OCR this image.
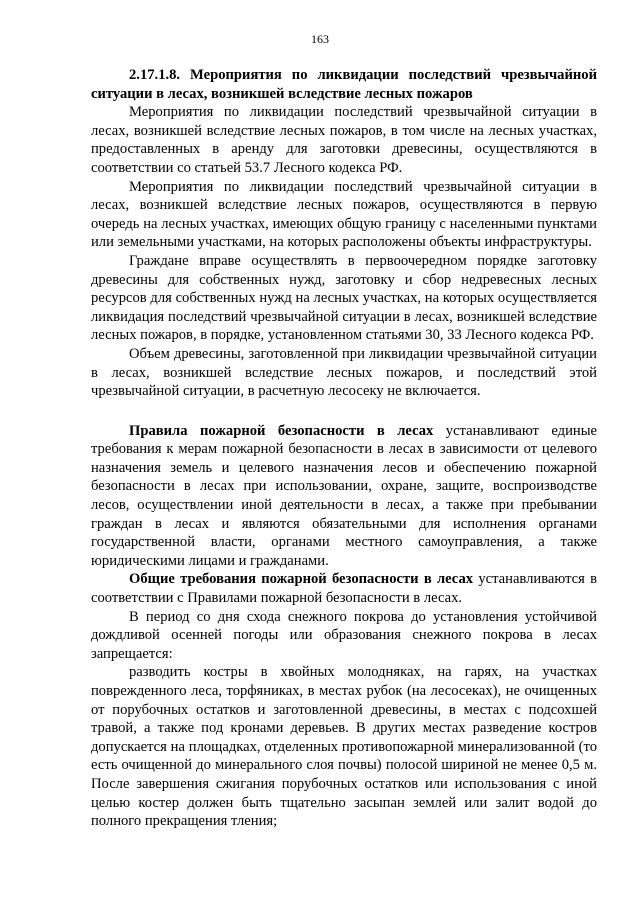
163

2.17.1.8. Мероприятия по ликвидации последствий чрезвычайной ситуации в лесах, возникшей вследствие лесных пожаров

Мероприятия по ликвидации последствий чрезвычайной ситуации в лесах, возникшей вследствие лесных пожаров, в том числе на лесных участках, предоставленных в аренду для заготовки древесины, осуществляются в соответствии со статьей 53.7 Лесного кодекса РФ.

Мероприятия по ликвидации последствий чрезвычайной ситуации в лесах, возникшей вследствие лесных пожаров, осуществляются в первую очередь на лесных участках, имеющих общую границу с населенными пунктами или земельными участками, на которых расположены объекты инфраструктуры.

Граждане вправе осуществлять в первоочередном порядке заготовку древесины для собственных нужд, заготовку и сбор недревесных лесных ресурсов для собственных нужд на лесных участках, на которых осуществляется ликвидация последствий чрезвычайной ситуации в лесах, возникшей вследствие лесных пожаров, в порядке, установленном статьями 30, 33 Лесного кодекса РФ.

Объем древесины, заготовленной при ликвидации чрезвычайной ситуации в лесах, возникшей вследствие лесных пожаров, и последствий этой чрезвычайной ситуации, в расчетную лесосеку не включается.

Правила пожарной безопасности в лесах устанавливают единые требования к мерам пожарной безопасности в лесах в зависимости от целевого назначения земель и целевого назначения лесов и обеспечению пожарной безопасности в лесах при использовании, охране, защите, воспроизводстве лесов, осуществлении иной деятельности в лесах, а также при пребывании граждан в лесах и являются обязательными для исполнения органами государственной власти, органами местного самоуправления, а также юридическими лицами и гражданами.

Общие требования пожарной безопасности в лесах устанавливаются в соответствии с Правилами пожарной безопасности в лесах.

В период со дня схода снежного покрова до установления устойчивой дождливой осенней погоды или образования снежного покрова в лесах запрещается:

разводить костры в хвойных молодняках, на гарях, на участках поврежденного леса, торфяниках, в местах рубок (на лесосеках), не очищенных от порубочных остатков и заготовленной древесины, в местах с подсохшей травой, а также под кронами деревьев. В других местах разведение костров допускается на площадках, отделенных противопожарной минерализованной (то есть очищенной до минерального слоя почвы) полосой шириной не менее 0,5 м. После завершения сжигания порубочных остатков или использования с иной целью костер должен быть тщательно засыпан землей или залит водой до полного прекращения тления;
